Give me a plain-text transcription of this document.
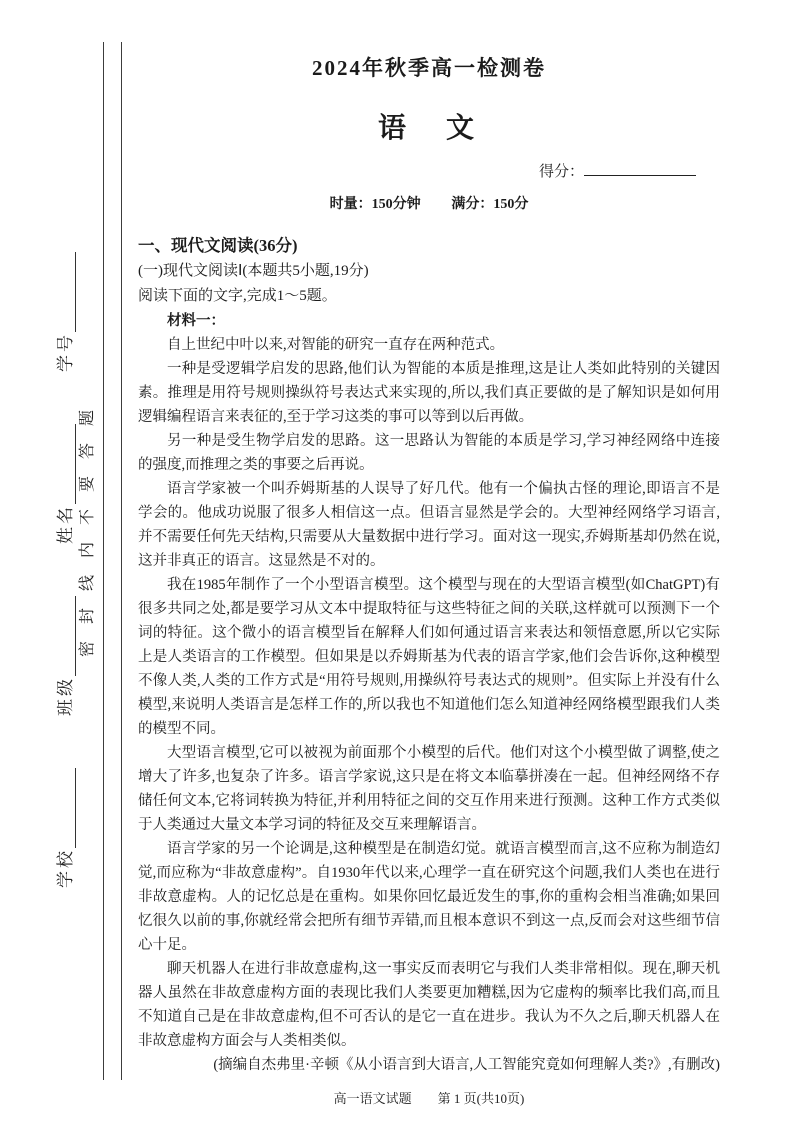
学校
班级
姓名
学号
密封线内不要答题
2024年秋季高一检测卷
语　文
得分：
时量：150分钟 满分：150分
一、现代文阅读(36分)
(一)现代文阅读Ⅰ(本题共5小题,19分)
阅读下面的文字,完成1～5题。
材料一：

自上世纪中叶以来,对智能的研究一直存在两种范式。

一种是受逻辑学启发的思路,他们认为智能的本质是推理,这是让人类如此特别的关键因素。推理是用符号规则操纵符号表达式来实现的,所以,我们真正要做的是了解知识是如何用逻辑编程语言来表征的,至于学习这类的事可以等到以后再做。

另一种是受生物学启发的思路。这一思路认为智能的本质是学习,学习神经网络中连接的强度,而推理之类的事要之后再说。

语言学家被一个叫乔姆斯基的人误导了好几代。他有一个偏执古怪的理论,即语言不是学会的。他成功说服了很多人相信这一点。但语言显然是学会的。大型神经网络学习语言,并不需要任何先天结构,只需要从大量数据中进行学习。面对这一现实,乔姆斯基却仍然在说,这并非真正的语言。这显然是不对的。

我在1985年制作了一个小型语言模型。这个模型与现在的大型语言模型(如ChatGPT)有很多共同之处,都是要学习从文本中提取特征与这些特征之间的关联,这样就可以预测下一个词的特征。这个微小的语言模型旨在解释人们如何通过语言来表达和领悟意愿,所以它实际上是人类语言的工作模型。但如果是以乔姆斯基为代表的语言学家,他们会告诉你,这种模型不像人类,人类的工作方式是“用符号规则,用操纵符号表达式的规则”。但实际上并没有什么模型,来说明人类语言是怎样工作的,所以我也不知道他们怎么知道神经网络模型跟我们人类的模型不同。

大型语言模型,它可以被视为前面那个小模型的后代。他们对这个小模型做了调整,使之增大了许多,也复杂了许多。语言学家说,这只是在将文本临摹拼凑在一起。但神经网络不存储任何文本,它将词转换为特征,并利用特征之间的交互作用来进行预测。这种工作方式类似于人类通过大量文本学习词的特征及交互来理解语言。

语言学家的另一个论调是,这种模型是在制造幻觉。就语言模型而言,这不应称为制造幻觉,而应称为“非故意虚构”。自1930年代以来,心理学一直在研究这个问题,我们人类也在进行非故意虚构。人的记忆总是在重构。如果你回忆最近发生的事,你的重构会相当准确;如果回忆很久以前的事,你就经常会把所有细节弄错,而且根本意识不到这一点,反而会对这些细节信心十足。

聊天机器人在进行非故意虚构,这一事实反而表明它与我们人类非常相似。现在,聊天机器人虽然在非故意虚构方面的表现比我们人类要更加糟糕,因为它虚构的频率比我们高,而且不知道自己是在非故意虚构,但不可否认的是它一直在进步。我认为不久之后,聊天机器人在非故意虚构方面会与人类相类似。

(摘编自杰弗里·辛顿《从小语言到大语言,人工智能究竟如何理解人类?》,有删改)
高一语文试题　　第 1 页(共10页)
